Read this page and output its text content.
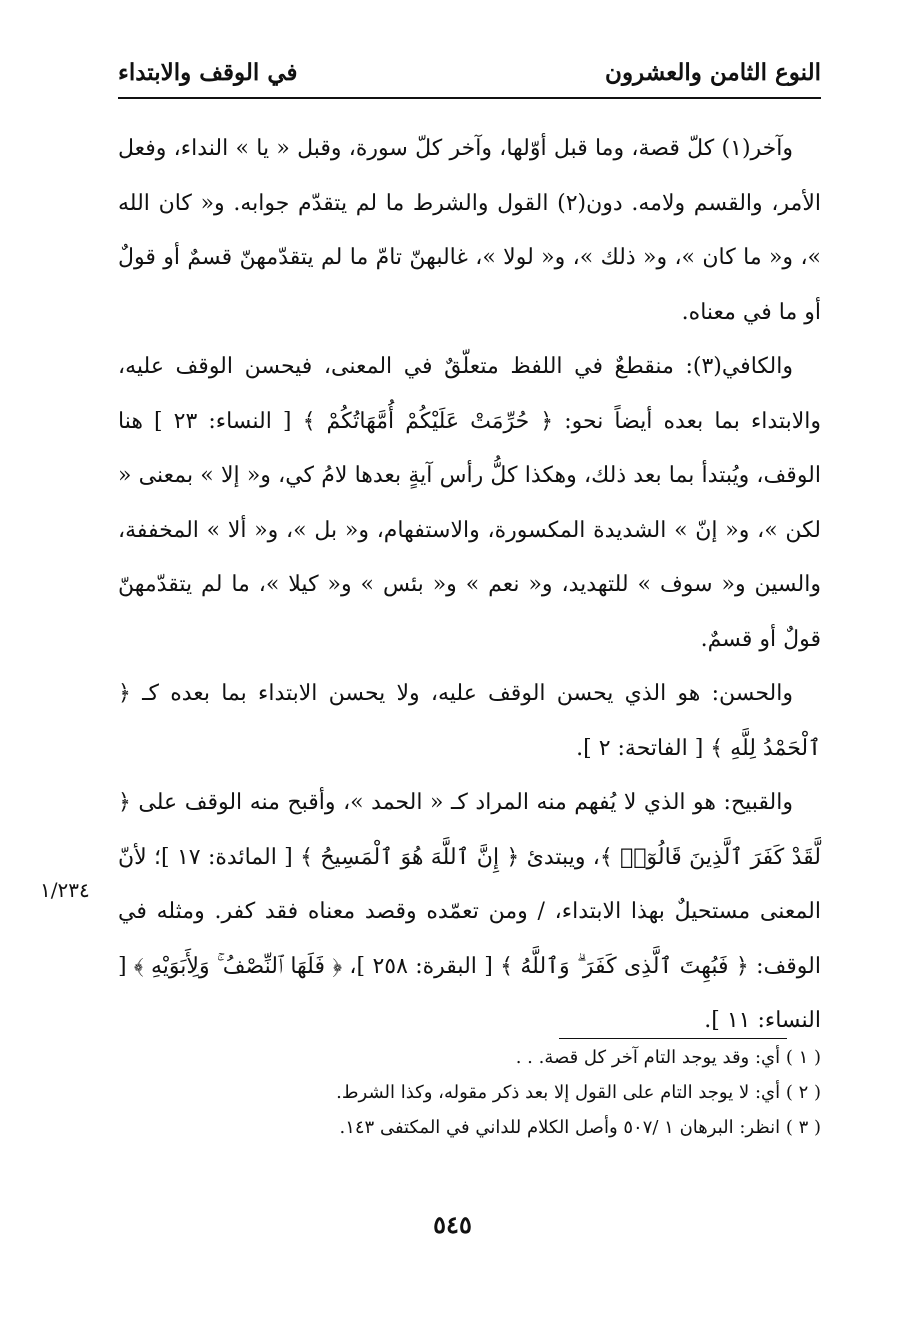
النوع الثامن والعشرون
في الوقف والابتداء

وآخر(١) كلّ قصة، وما قبل أوّلها، وآخر كلّ سورة، وقبل « يا » النداء، وفعل الأمر، والقسم ولامه. دون(٢) القول والشرط ما لم يتقدّم جوابه. و« كان الله »، و« ما كان »، و« ذلك »، و« لولا »، غالبهنّ تامّ ما لم يتقدّمهنّ قسمٌ أو قولٌ أو ما في معناه.

والكافي(٣): منقطعٌ في اللفظ متعلّقٌ في المعنى، فيحسن الوقف عليه، والابتداء بما بعده أيضاً نحو: ﴿ حُرِّمَتْ عَلَيْكُمْ أُمَّهَاتُكُمْ ﴾ [ النساء: ٢٣ ] هنا الوقف، ويُبتدأ بما بعد ذلك، وهكذا كلُّ رأس آيةٍ بعدها لامُ كي، و« إلا » بمعنى « لكن »، و« إنّ » الشديدة المكسورة، والاستفهام، و« بل »، و« ألا » المخففة، والسين و« سوف » للتهديد، و« نعم » و« بئس » و« كيلا »، ما لم يتقدّمهنّ قولٌ أو قسمٌ.

والحسن: هو الذي يحسن الوقف عليه، ولا يحسن الابتداء بما بعده كـ ﴿ ٱلْحَمْدُ لِلَّهِ ﴾ [ الفاتحة: ٢ ].

والقبيح: هو الذي لا يُفهم منه المراد كـ « الحمد »، وأقبح منه الوقف على ﴿ لَّقَدْ كَفَرَ ٱلَّذِينَ قَالُوٓا۟ ﴾، ويبتدئ ﴿ إِنَّ ٱللَّهَ هُوَ ٱلْمَسِيحُ ﴾ [ المائدة: ١٧ ]؛ لأنّ المعنى مستحيلٌ بهذا الابتداء، / ومن تعمّده وقصد معناه فقد كفر. ومثله في الوقف: ﴿ فَبُهِتَ ٱلَّذِى كَفَرَ ۗ وَٱللَّهُ ﴾ [ البقرة: ٢٥٨ ]، ﴿ فَلَهَا ٱلنِّصْفُ ۚ وَلِأَبَوَيْهِ ﴾ [ النساء: ١١ ].

١/٢٣٤
( ١ ) أي: وقد يوجد التام آخر كل قصة. . .
( ٢ ) أي: لا يوجد التام على القول إلا بعد ذكر مقوله، وكذا الشرط.
( ٣ ) انظر: البرهان ١ /٥٠٧ وأصل الكلام للداني في المكتفى ١٤٣.
٥٤٥
